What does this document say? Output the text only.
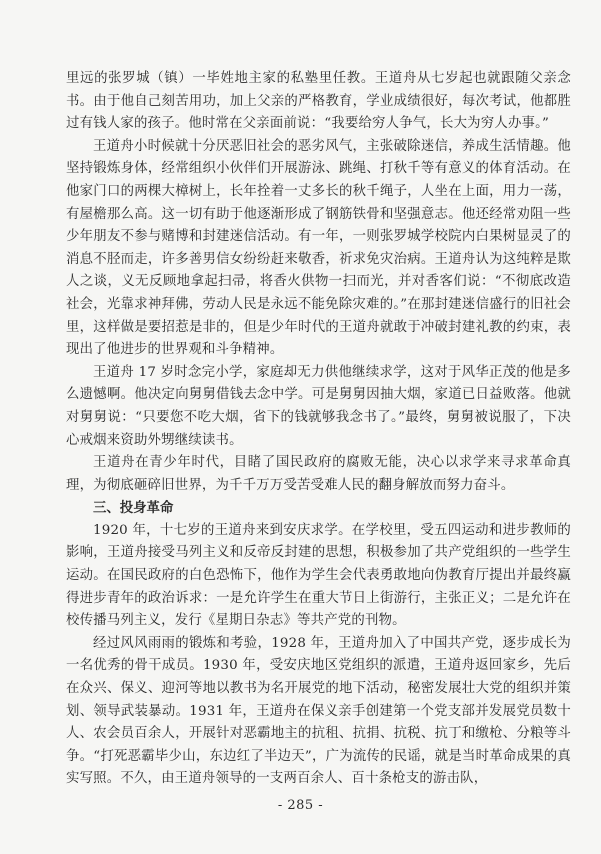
里远的张罗城（镇）一毕姓地主家的私塾里任教。王道舟从七岁起也就跟随父亲念书。由于他自己刻苦用功，加上父亲的严格教育，学业成绩很好，每次考试，他都胜过有钱人家的孩子。他时常在父亲面前说：“我要给穷人争气，长大为穷人办事。”

王道舟小时候就十分厌恶旧社会的恶劣风气，主张破除迷信，养成生活情趣。他坚持锻炼身体，经常组织小伙伴们开展游泳、跳绳、打秋千等有意义的体育活动。在他家门口的两棵大樟树上，长年拴着一丈多长的秋千绳子，人坐在上面，用力一荡，有屋檐那么高。这一切有助于他逐渐形成了钢筋铁骨和坚强意志。他还经常劝阻一些少年朋友不参与赌博和封建迷信活动。有一年，一则张罗城学校院内白果树显灵了的消息不胫而走，许多善男信女纷纷赶来敬香，祈求免灾治病。王道舟认为这纯粹是欺人之谈，义无反顾地拿起扫帚，将香火供物一扫而光，并对香客们说：“不彻底改造社会，光靠求神拜佛，劳动人民是永远不能免除灾难的。”在那封建迷信盛行的旧社会里，这样做是要招惹是非的，但是少年时代的王道舟就敢于冲破封建礼教的约束，表现出了他进步的世界观和斗争精神。

王道舟 17 岁时念完小学，家庭却无力供他继续求学，这对于风华正茂的他是多么遗憾啊。他决定向舅舅借钱去念中学。可是舅舅因抽大烟，家道已日益败落。他就对舅舅说：“只要您不吃大烟，省下的钱就够我念书了。”最终，舅舅被说服了，下决心戒烟来资助外甥继续读书。

王道舟在青少年时代，目睹了国民政府的腐败无能，决心以求学来寻求革命真理，为彻底砸碎旧世界，为千千万万受苦受难人民的翻身解放而努力奋斗。

三、投身革命

1920 年，十七岁的王道舟来到安庆求学。在学校里，受五四运动和进步教师的影响，王道舟接受马列主义和反帝反封建的思想，积极参加了共产党组织的一些学生运动。在国民政府的白色恐怖下，他作为学生会代表勇敢地向伪教育厅提出并最终赢得进步青年的政治诉求：一是允许学生在重大节日上街游行，主张正义；二是允许在校传播马列主义，发行《星期日杂志》等共产党的刊物。

经过风风雨雨的锻炼和考验，1928 年，王道舟加入了中国共产党，逐步成长为一名优秀的骨干成员。1930 年，受安庆地区党组织的派遣，王道舟返回家乡，先后在众兴、保义、迎河等地以教书为名开展党的地下活动，秘密发展壮大党的组织并策划、领导武装暴动。1931 年，王道舟在保义亲手创建第一个党支部并发展党员数十人、农会员百余人，开展针对恶霸地主的抗租、抗捐、抗税、抗丁和缴枪、分粮等斗争。“打死恶霸毕少山，东边红了半边天”，广为流传的民谣，就是当时革命成果的真实写照。不久，由王道舟领导的一支两百余人、百十条枪支的游击队，

- 285 -
